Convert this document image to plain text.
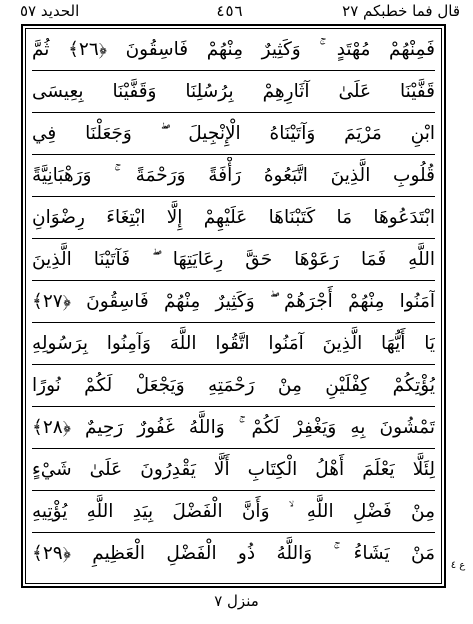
الحديد ٥٧	٤٥٦	قال فما خطبكم ٢٧
فَمِنْهُمْ مُهْتَدٍ ۚ وَكَثِيرٌ مِنْهُمْ فَاسِقُونَ ﴿٢٦﴾ ثُمَّ
قَفَّيْنَا عَلَىٰ آثَارِهِمْ بِرُسُلِنَا وَقَفَّيْنَا بِعِيسَى
ابْنِ مَرْيَمَ وَآتَيْنَاهُ الْإِنْجِيلَ ۖ وَجَعَلْنَا فِي
قُلُوبِ الَّذِينَ اتَّبَعُوهُ رَأْفَةً وَرَحْمَةً ۚ وَرَهْبَانِيَّةً
ابْتَدَعُوهَا مَا كَتَبْنَاهَا عَلَيْهِمْ إِلَّا ابْتِغَاءَ رِضْوَانِ
اللَّهِ فَمَا رَعَوْهَا حَقَّ رِعَايَتِهَا ۖ فَآتَيْنَا الَّذِينَ
آمَنُوا مِنْهُمْ أَجْرَهُمْ ۖ وَكَثِيرٌ مِنْهُمْ فَاسِقُونَ ﴿٢٧﴾
يَا أَيُّهَا الَّذِينَ آمَنُوا اتَّقُوا اللَّهَ وَآمِنُوا بِرَسُولِهِ
يُؤْتِكُمْ كِفْلَيْنِ مِنْ رَحْمَتِهِ وَيَجْعَلْ لَكُمْ نُورًا
تَمْشُونَ بِهِ وَيَغْفِرْ لَكُمْ ۚ وَاللَّهُ غَفُورٌ رَحِيمٌ ﴿٢٨﴾
لِئَلَّا يَعْلَمَ أَهْلُ الْكِتَابِ أَلَّا يَقْدِرُونَ عَلَىٰ شَيْءٍ
مِنْ فَضْلِ اللَّهِ ۙ وَأَنَّ الْفَضْلَ بِيَدِ اللَّهِ يُؤْتِيهِ
مَنْ يَشَاءُ ۚ وَاللَّهُ ذُو الْفَضْلِ الْعَظِيمِ ﴿٢٩﴾
ع ٤
منزل ٧
